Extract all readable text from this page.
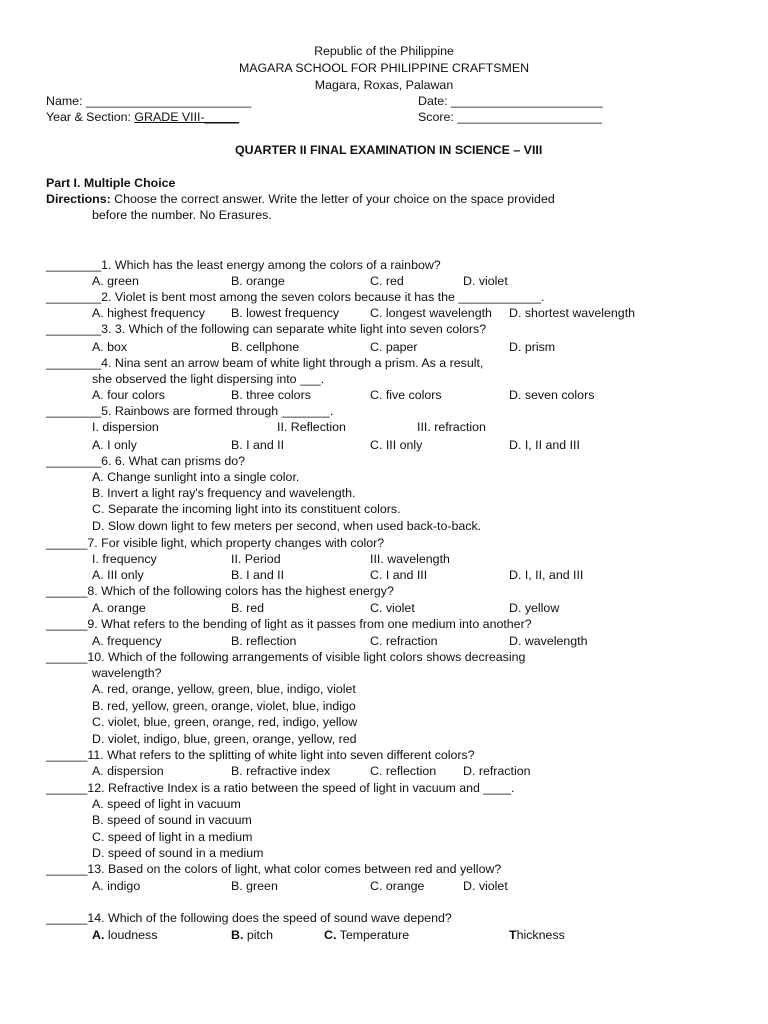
Republic of the Philippine
MAGARA SCHOOL FOR PHILIPPINE CRAFTSMEN
Magara, Roxas, Palawan
Name: ________________________	Date: ______________________
Year & Section: GRADE VIII-_____	Score: _____________________
QUARTER II FINAL EXAMINATION IN SCIENCE – VIII
Part I. Multiple Choice
Directions: Choose the correct answer. Write the letter of your choice on the space provided
before the number. No Erasures.
________1. Which has the least energy among the colors of a rainbow?
A. green	B. orange	C. red	D. violet
________2. Violet is bent most among the seven colors because it has the ____________.
A. highest frequency B. lowest frequency C. longest wavelength D. shortest wavelength
________3. 3. Which of the following can separate white light into seven colors?
A. box	B. cellphone	C. paper	D. prism
________4. Nina sent an arrow beam of white light through a prism. As a result,
she observed the light dispersing into ___.
A. four colors	B. three colors	C. five colors	D. seven colors
________5. Rainbows are formed through _______.
I. dispersion	II. Reflection	III. refraction
A. I only	B. I and II	C. III only	D. I, II and III
________6. 6. What can prisms do?
A. Change sunlight into a single color.
B. Invert a light ray's frequency and wavelength.
C. Separate the incoming light into its constituent colors.
D. Slow down light to few meters per second, when used back-to-back.
______7. For visible light, which property changes with color?
I. frequency	II. Period	III. wavelength
A. III only	B. I and II	C. I and III	D. I, II, and III
______8. Which of the following colors has the highest energy?
A. orange	B. red	C. violet	D. yellow
______9. What refers to the bending of light as it passes from one medium into another?
A. frequency	B. reflection	C. refraction	D. wavelength
______10. Which of the following arrangements of visible light colors shows decreasing
wavelength?
A. red, orange, yellow, green, blue, indigo, violet
B. red, yellow, green, orange, violet, blue, indigo
C. violet, blue, green, orange, red, indigo, yellow
D. violet, indigo, blue, green, orange, yellow, red
______11. What refers to the splitting of white light into seven different colors?
A. dispersion	B. refractive index	C. reflection D. refraction
______12. Refractive Index is a ratio between the speed of light in vacuum and ____.
A. speed of light in vacuum
B. speed of sound in vacuum
C. speed of light in a medium
D. speed of sound in a medium
______13. Based on the colors of light, what color comes between red and yellow?
A. indigo	B. green	C. orange	D. violet
______14. Which of the following does the speed of sound wave depend?
A. loudness	B. pitch	C. Temperature	Thickness
